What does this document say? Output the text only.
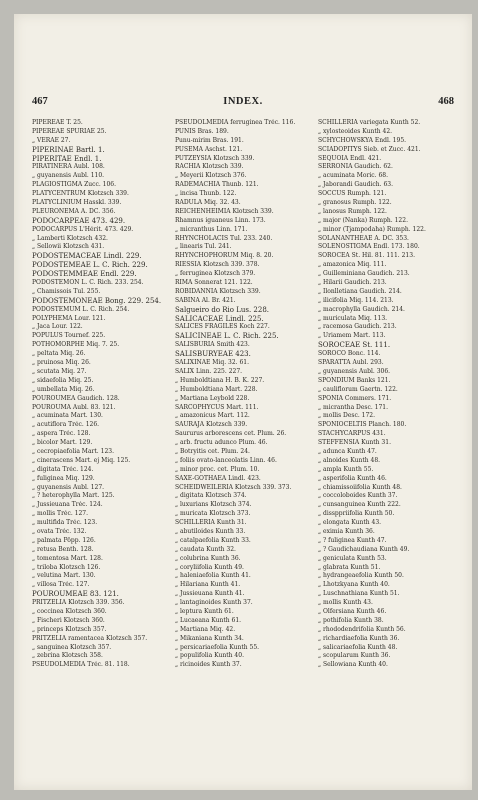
467	INDEX.	468
PIPEREAE T. 25.
PIPEREAE SPURIAE 25.
„ VERAE 27.
PIPERINAE Bartl. 1.
PIPERITAE Endl. 1.
PIRATINERA Aubl. 108.
„ guyanensis Aubl. 110.
PLAGIOSTIGMA Zucc. 106.
PLATYCENTRUM Klotzsch 339.
PLATYCLINIUM Hasskl. 339.
PLEURONEMA A. DC. 356.
PODOCARPEAE 473. 429.
PODOCARPUS L'Hérit. 473. 429.
„ Lamberti Klotzsch 432.
„ Sellowii Klotzsch 431.
PODOSTEMACEAE Lindl. 229.
PODOSTEMEAE L. C. Rich. 229.
PODOSTEMMEAE Endl. 229.
PODOSTEMON L. C. Rich. 233. 254.
„ Chamissois Tul. 255.
PODOSTEMONEAE Bong. 229. 254.
PODOSTEMUM L. C. Rich. 254.
POLYPHEMA Lour. 121.
„ Jaca Lour. 122.
POPULUS Tournef. 225.
POTHOMORPHE Miq. 7. 25.
„ peltata Miq. 26.
„ pruinosa Miq. 26.
„ scutata Miq. 27.
„ sidaefolia Miq. 25.
„ umbellata Miq. 26.
POUROUMEA Gaudich. 128.
POUROUMA Aubl. 83. 121.
„ acuminata Mart. 130.
„ acutiflora Tréc. 126.
„ aspera Tréc. 128.
„ bicolor Mart. 129.
„ cecropiaefolia Mart. 123.
„ cinerascens Mart. ej Miq. 125.
„ digitata Tréc. 124.
„ fuliginea Miq. 129.
„ guyanensis Aubl. 127.
„ ? heterophylla Mart. 125.
„ Jussieuana Tréc. 124.
„ mollis Tréc. 127.
„ multifida Tréc. 123.
„ ovata Tréc. 132.
„ palmata Pöpp. 126.
„ retusa Benth. 128.
„ tomentosa Mart. 128.
„ triloba Klotzsch 126.
„ velutina Mart. 130.
„ villosa Tréc. 127.
POUROUMEAE 83. 121.
PRITZELIA Klotzsch 339. 356.
„ coccinea Klotzsch 360.
„ Fischeri Klotzsch 360.
„ princeps Klotzsch 357.
PRITZELIA ramentacea Klotzsch 357.
„ sanguinea Klotzsch 357.
„ zebrina Klotzsch 358.
PSEUDOLMEDIA Tréc. 81. 118.
PSEUDOLMEDIA ferruginea Tréc. 116.
PUNIS Bras. 189.
Punu-mirim Bras. 191.
PUSEMA Aschst. 121.
PUTZEYSIA Klotzsch 339.
RACHIA Klotzsch 339.
„ Meyerii Klotzsch 376.
RADEMACHIA Thunb. 121.
„ incisa Thunb. 122.
RADULA Miq. 32. 43.
REICHENHEIMIA Klotzsch 339.
Rhamnus iguaneus Linn. 173.
„ micranthus Linn. 171.
RHYNCHOLACIS Tul. 233. 240.
„ linearis Tul. 241.
RHYNCHOPHORUM Miq. 8. 20.
RIESSIA Klotzsch 339. 378.
„ ferruginea Klotzsch 379.
RIMA Sonnerat 121. 122.
ROBIDANNIA Klotzsch 339.
SABINA Al. Br. 421.
Salgueiro do Rio Lus. 228.
SALICACEAE Lindl. 225.
SALICES FRAGILES Koch 227.
SALICINEAE L. C. Rich. 225.
SALISBURIA Smith 423.
SALISBURYEAE 423.
SALIXINAE Miq. 32. 61.
SALIX Linn. 225. 227.
„ Humboldtiana H. B. K. 227.
„ Humboldtiana Mart. 228.
„ Martiana Leybold 228.
SARCOPHYCUS Mart. 111.
„ amazonicus Mart. 112.
SAURAJA Klotzsch 339.
Saururus arborescens cet. Plum. 26.
„ arb. fructu adunco Plum. 46.
„ Botryitis cet. Plum. 24.
„ foliis ovato-lanceolatis Linn. 46.
„ minor proc. cet. Plum. 10.
SAXE-GOTHAEA Lindl. 423.
SCHEIDWEILERIA Klotzsch 339. 373.
„ digitata Klotzsch 374.
„ luxurians Klotzsch 374.
„ muricata Klotzsch 373.
SCHILLERIA Kunth 31.
„ abutiloides Kunth 33.
„ catalpaefolia Kunth 33.
„ caudata Kunth 32.
„ colubrina Kunth 36.
„ coryliifolia Kunth 49.
„ haleniaefolia Kunth 41.
„ Hilariana Kunth 41.
„ Jussieuana Kunth 41.
„ lantaginoides Kunth 37.
„ leptura Kunth 61.
„ Lucaeana Kunth 61.
„ Martiana Miq. 42.
„ Mikaniana Kunth 34.
„ persicariaefolia Kunth 55.
„ populifolia Kunth 40.
„ ricinoides Kunth 37.
SCHILLERIA variegata Kunth 52.
„ xylosteoides Kunth 42.
SCHYCHOWSKYA Endl. 195.
SCIADOPITYS Sieb. et Zucc. 421.
SEQUOIA Endl. 421.
SERRONIA Gaudich. 62.
„ acuminata Moric. 68.
„ Jaborandi Gaudich. 63.
SOCCUS Rumph. 121.
„ granosus Rumph. 122.
„ lanosus Rumph. 122.
„ major (Nanka) Rumph. 122.
„ minor (Tjampodaha) Rumph. 122.
SOLANANTHEAE A. DC. 353.
SOLENOSTIGMA Endl. 173. 180.
SOROCEA St. Hil. 81. 111. 213.
„ amazonica Miq. 111.
„ Guilleminiana Gaudich. 213.
„ Hilarii Gaudich. 213.
„ Ilonlletiana Gaudich. 214.
„ ilicifolia Miq. 114. 213.
„ macrophylla Gaudich. 214.
„ muriculata Miq. 113.
„ racemosa Gaudich. 213.
„ Uriamem Mart. 113.
SOROCEAE St. 111.
SOROCO Bonc. 114.
SPARATTA Aubl. 293.
„ guyanensis Aubl. 306.
SPONDIUM Banks 121.
„ cauliflorum Gaertn. 122.
SPONIA Commers. 171.
„ micrantha Desc. 171.
„ mollis Desc. 172.
SPONIOCELTIS Planch. 180.
STACHYCARPUS 431.
STEFFENSIA Kunth 31.
„ adunca Kunth 47.
„ alnoides Kunth 48.
„ ampla Kunth 55.
„ asperifolia Kunth 46.
„ chiamissoiifolia Kunth 48.
„ coccoloboides Kunth 37.
„ cunsanguinea Kunth 222.
„ dissppriifolia Kunth 50.
„ elongata Kunth 43.
„ eximia Kunth 36.
„ ? fuliginea Kunth 47.
„ ? Gaudichaudiana Kunth 49.
„ geniculata Kunth 53.
„ glabrata Kunth 51.
„ hydrangeaefolia Kunth 50.
„ Lhotzkyana Kunth 40.
„ Luschnathiana Kunth 51.
„ mollis Kunth 43.
„ Olfersiana Kunth 46.
„ pothifolia Kunth 38.
„ rhododendrifolia Kunth 56.
„ richardiaefolia Kunth 36.
„ salicariaefolia Kunth 48.
„ scopularum Kunth 36.
„ Sellowiana Kunth 40.
